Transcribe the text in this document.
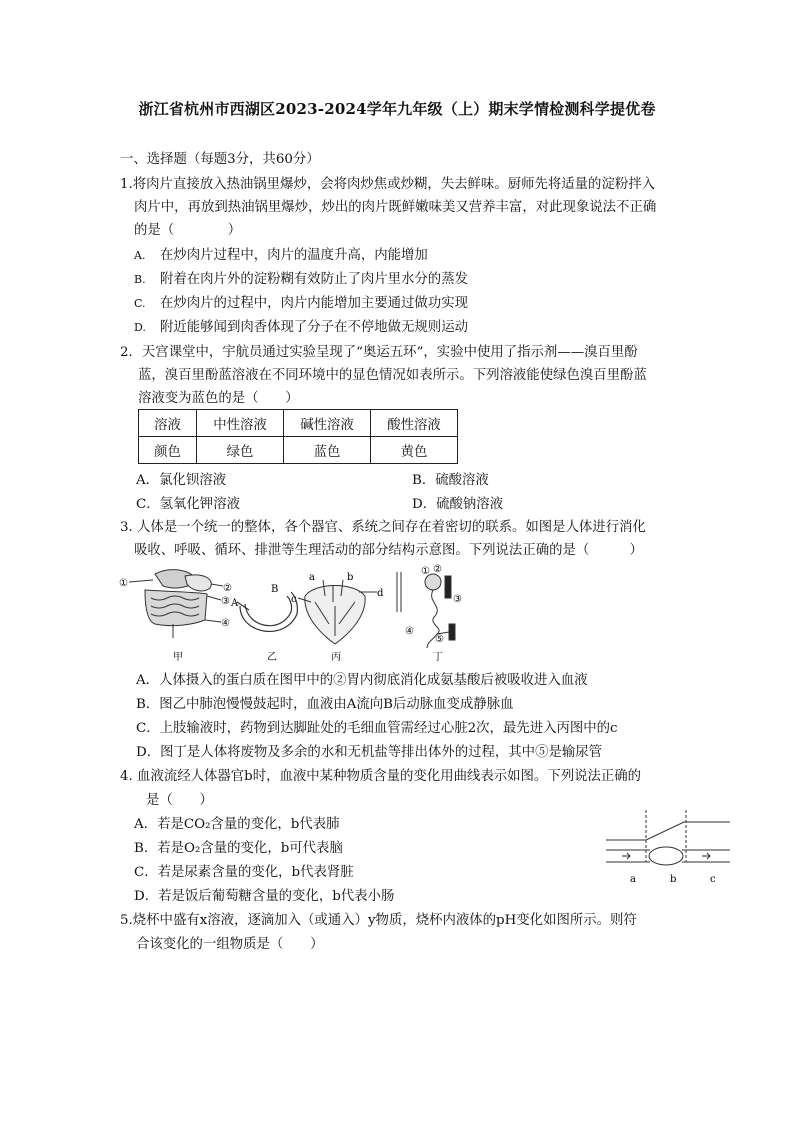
浙江省杭州市西湖区2023-2024学年九年级（上）期末学情检测科学提优卷
一、选择题（每题3分，共60分）
1.将肉片直接放入热油锅里爆炒，会将肉炒焦或炒糊，失去鲜味。厨师先将适量的淀粉拌入
肉片中，再放到热油锅里爆炒，炒出的肉片既鲜嫩味美又营养丰富，对此现象说法不正确
的是（　　　　）
A. 在炒肉片过程中，肉片的温度升高，内能增加
B. 附着在肉片外的淀粉糊有效防止了肉片里水分的蒸发
C. 在炒肉片的过程中，肉片内能增加主要通过做功实现
D. 附近能够闻到肉香体现了分子在不停地做无规则运动
2．天宫课堂中，宇航员通过实验呈现了“奥运五环”，实验中使用了指示剂——溴百里酚
蓝，溴百里酚蓝溶液在不同环境中的显色情况如表所示。下列溶液能使绿色溴百里酚蓝
溶液变为蓝色的是（　　）
溶液	中性溶液	碱性溶液	酸性溶液
颜色	绿色	蓝色	黄色
A．氯化钡溶液	B．硫酸溶液
C．氢氧化钾溶液	D．硫酸钠溶液
3. 人体是一个统一的整体，各个器官、系统之间存在着密切的联系。如图是人体进行消化
吸收、呼吸、循环、排泄等生理活动的部分结构示意图。下列说法正确的是（　　　）
①	②
③
④
甲
A
B
乙
a	b
c
d
丙
① ②
③
④
⑤
丁
A．人体摄入的蛋白质在图甲中的②胃内彻底消化成氨基酸后被吸收进入血液
B．图乙中肺泡慢慢鼓起时，血液由A流向B后动脉血变成静脉血
C．上肢输液时，药物到达脚趾处的毛细血管需经过心脏2次，最先进入丙图中的c
D．图丁是人体将废物及多余的水和无机盐等排出体外的过程，其中⑤是输尿管
4. 血液流经人体器官b时，血液中某种物质含量的变化用曲线表示如图。下列说法正确的
是（　　）
A．若是CO₂含量的变化，b代表肺
B．若是O₂含量的变化，b可代表脑
C．若是尿素含量的变化，b代表肾脏
D．若是饭后葡萄糖含量的变化，b代表小肠
a	b	c
5.烧杯中盛有x溶液，逐滴加入（或通入）y物质，烧杯内液体的pH变化如图所示。则符
合该变化的一组物质是（　　）
